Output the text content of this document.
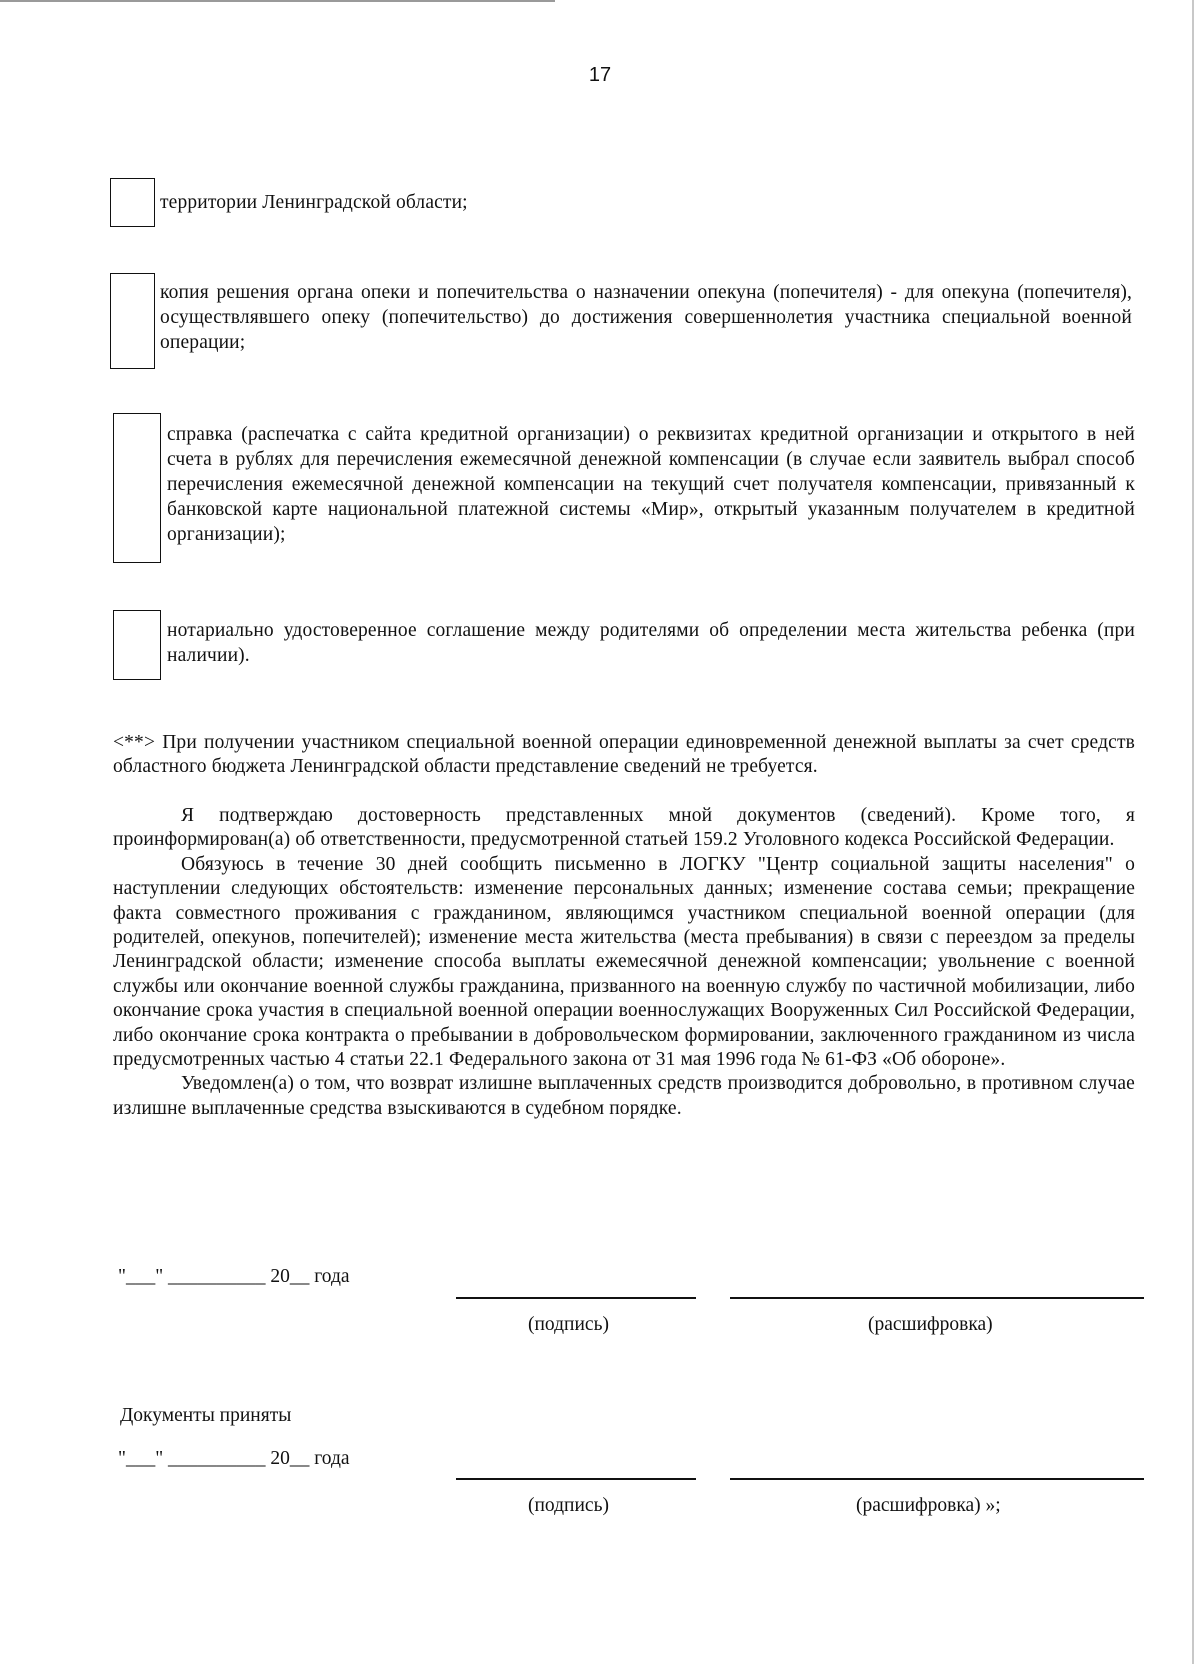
17
территории Ленинградской области;
копия решения органа опеки и попечительства о назначении опекуна (попечителя) - для опекуна (попечителя), осуществлявшего опеку (попечительство) до достижения совершеннолетия участника специальной военной операции;
справка (распечатка с сайта кредитной организации) о реквизитах кредитной организации и открытого в ней счета в рублях для перечисления ежемесячной денежной компенсации (в случае если заявитель выбрал способ перечисления ежемесячной денежной компенсации на текущий счет получателя компенсации, привязанный к банковской карте национальной платежной системы «Мир», открытый указанным получателем в кредитной организации);
нотариально удостоверенное соглашение между родителями об определении места жительства ребенка (при наличии).

<**> При получении участником специальной военной операции единовременной денежной выплаты за счет средств областного бюджета Ленинградской области представление сведений не требуется.

Я подтверждаю достоверность представленных мной документов (сведений). Кроме того, я проинформирован(а) об ответственности, предусмотренной статьей 159.2 Уголовного кодекса Российской Федерации.

Обязуюсь в течение 30 дней сообщить письменно в ЛОГКУ "Центр социальной защиты населения" о наступлении следующих обстоятельств: изменение персональных данных; изменение состава семьи; прекращение факта совместного проживания с гражданином, являющимся участником специальной военной операции (для родителей, опекунов, попечителей); изменение места жительства (места пребывания) в связи с переездом за пределы Ленинградской области; изменение способа выплаты ежемесячной денежной компенсации; увольнение с военной службы или окончание военной службы гражданина, призванного на военную службу по частичной мобилизации, либо окончание срока участия в специальной военной операции военнослужащих Вооруженных Сил Российской Федерации, либо окончание срока контракта о пребывании в добровольческом формировании, заключенного гражданином из числа предусмотренных частью 4 статьи 22.1 Федерального закона от 31 мая 1996 года № 61-ФЗ «Об обороне».

Уведомлен(а) о том, что возврат излишне выплаченных средств производится добровольно, в противном случае излишне выплаченные средства взыскиваются в судебном порядке.

"___" __________ 20__ года
(подпись)	(расшифровка)
Документы приняты
"___" __________ 20__ года
(подпись)	(расшифровка) »;
